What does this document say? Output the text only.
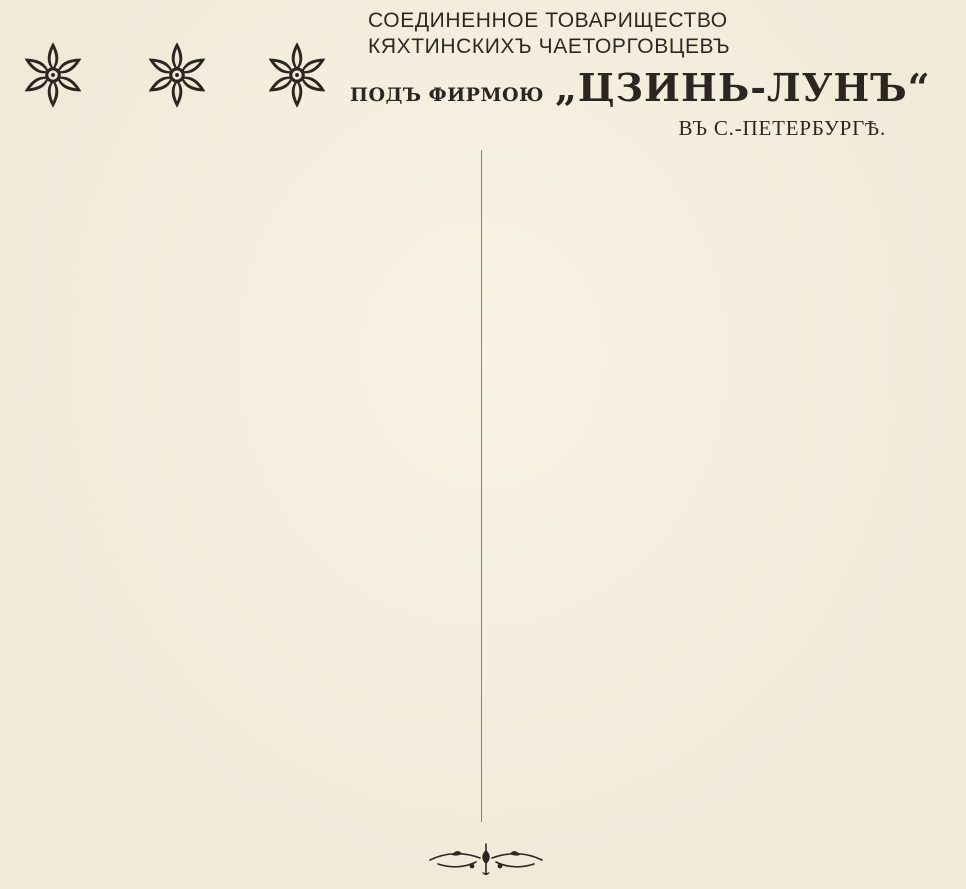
СОЕДИНЕННОЕ ТОВАРИЩЕСТВО
КЯХТИНСКИХЪ ЧАЕТОРГОВЦЕВЪ
ПОДЪ ФИРМОЮ „ЦЗИНЬ-ЛУНЪ“
ВЪ С.-ПЕТЕРБУРГѢ.
